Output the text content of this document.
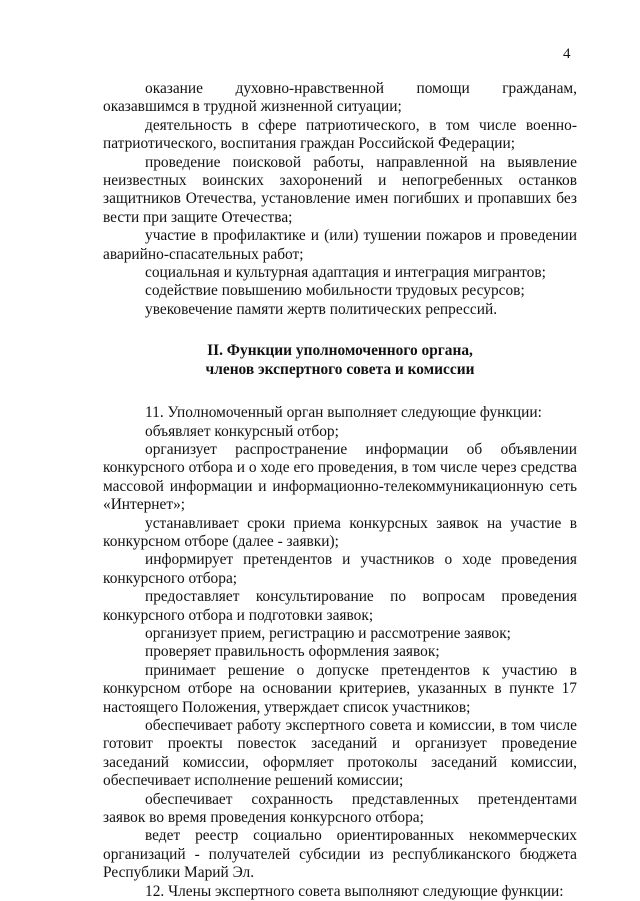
4

оказание духовно-нравственной помощи гражданам, оказавшимся в трудной жизненной ситуации;

деятельность в сфере патриотического, в том числе военно-патриотического, воспитания граждан Российской Федерации;

проведение поисковой работы, направленной на выявление неизвестных воинских захоронений и непогребенных останков защитников Отечества, установление имен погибших и пропавших без вести при защите Отечества;

участие в профилактике и (или) тушении пожаров и проведении аварийно-спасательных работ;

социальная и культурная адаптация и интеграция мигрантов;

содействие повышению мобильности трудовых ресурсов;

увековечение памяти жертв политических репрессий.

II. Функции уполномоченного органа,
членов экспертного совета и комиссии

11. Уполномоченный орган выполняет следующие функции:

объявляет конкурсный отбор;

организует распространение информации об объявлении конкурсного отбора и о ходе его проведения, в том числе через средства массовой информации и информационно-телекоммуникационную сеть «Интернет»;

устанавливает сроки приема конкурсных заявок на участие в конкурсном отборе (далее - заявки);

информирует претендентов и участников о ходе проведения конкурсного отбора;

предоставляет консультирование по вопросам проведения конкурсного отбора и подготовки заявок;

организует прием, регистрацию и рассмотрение заявок;

проверяет правильность оформления заявок;

принимает решение о допуске претендентов к участию в конкурсном отборе на основании критериев, указанных в пункте 17 настоящего Положения, утверждает список участников;

обеспечивает работу экспертного совета и комиссии, в том числе готовит проекты повесток заседаний и организует проведение заседаний комиссии, оформляет протоколы заседаний комиссии, обеспечивает исполнение решений комиссии;

обеспечивает сохранность представленных претендентами заявок во время проведения конкурсного отбора;

ведет реестр социально ориентированных некоммерческих организаций - получателей субсидии из республиканского бюджета Республики Марий Эл.

12. Члены экспертного совета выполняют следующие функции:
